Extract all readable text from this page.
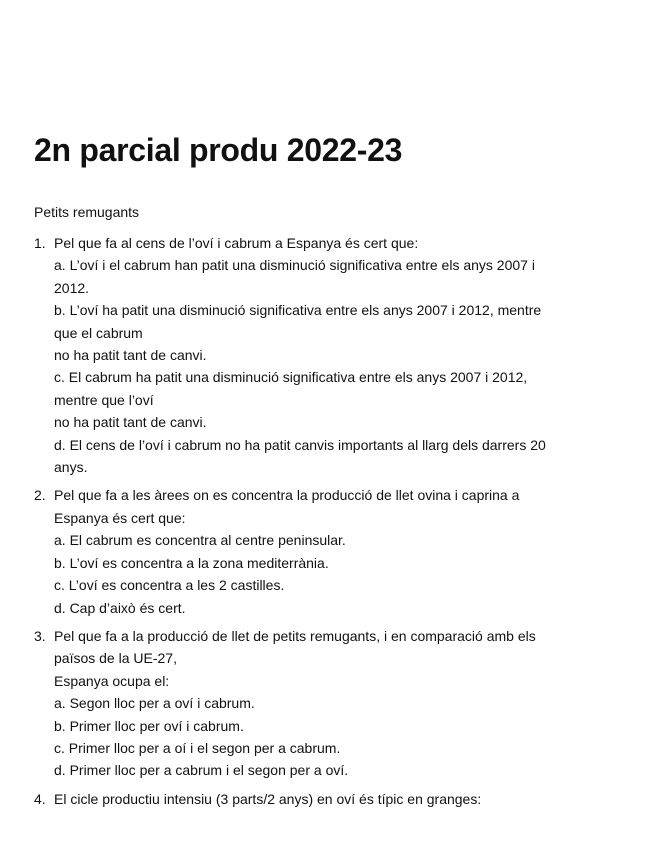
2n parcial produ 2022-23
Petits remugants
1. Pel que fa al cens de l’oví i cabrum a Espanya és cert que:
a. L’oví i el cabrum han patit una disminució significativa entre els anys 2007 i
2012.
b. L’oví ha patit una disminució significativa entre els anys 2007 i 2012, mentre
que el cabrum
no ha patit tant de canvi.
c. El cabrum ha patit una disminució significativa entre els anys 2007 i 2012,
mentre que l’oví
no ha patit tant de canvi.
d. El cens de l’oví i cabrum no ha patit canvis importants al llarg dels darrers 20
anys.
2. Pel que fa a les àrees on es concentra la producció de llet ovina i caprina a
Espanya és cert que:
a. El cabrum es concentra al centre peninsular.
b. L’oví es concentra a la zona mediterrània.
c. L’oví es concentra a les 2 castilles.
d. Cap d’això és cert.
3. Pel que fa a la producció de llet de petits remugants, i en comparació amb els
països de la UE-27,
Espanya ocupa el:
a. Segon lloc per a oví i cabrum.
b. Primer lloc per oví i cabrum.
c. Primer lloc per a oí i el segon per a cabrum.
d. Primer lloc per a cabrum i el segon per a oví.
4. El cicle productiu intensiu (3 parts/2 anys) en oví és típic en granges:
